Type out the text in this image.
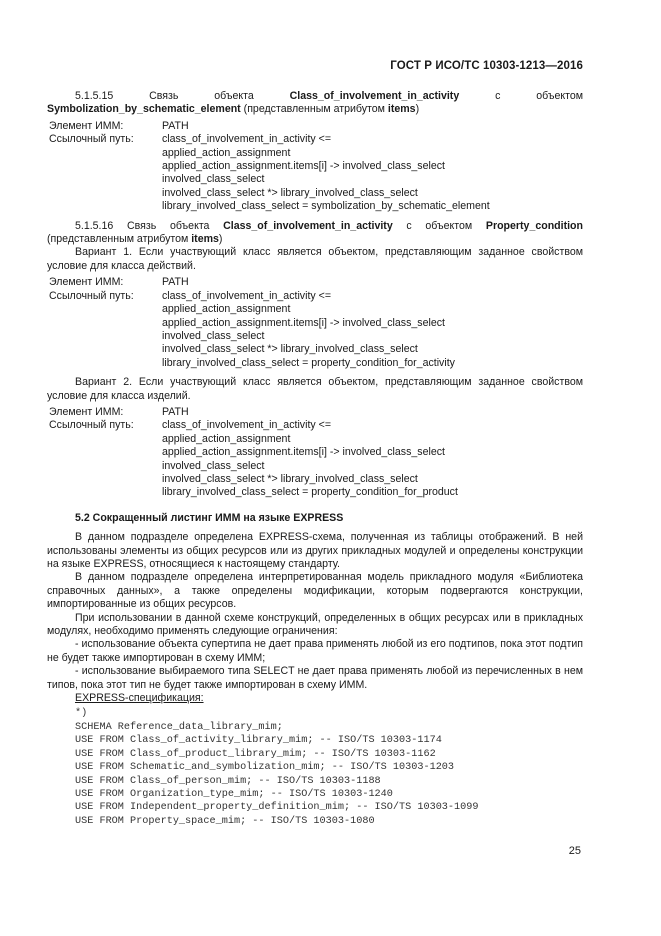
ГОСТ Р ИСО/ТС 10303-1213—2016

5.1.5.15 Связь объекта Class_of_involvement_in_activity с объектом Symbolization_by_schematic_element (представленным атрибутом items)

Элемент ИММ:	PATH
Ссылочный путь:	class_of_involvement_in_activity <=
applied_action_assignment
applied_action_assignment.items[i] -> involved_class_select
involved_class_select
involved_class_select *> library_involved_class_select
library_involved_class_select = symbolization_by_schematic_element

5.1.5.16 Связь объекта Class_of_involvement_in_activity с объектом Property_condition (представленным атрибутом items)

Вариант 1. Если участвующий класс является объектом, представляющим заданное свойством условие для класса действий.

Элемент ИММ:	PATH
Ссылочный путь:	class_of_involvement_in_activity <=
applied_action_assignment
applied_action_assignment.items[i] -> involved_class_select
involved_class_select
involved_class_select *> library_involved_class_select
library_involved_class_select = property_condition_for_activity

Вариант 2. Если участвующий класс является объектом, представляющим заданное свойством условие для класса изделий.

Элемент ИММ:	PATH
Ссылочный путь:	class_of_involvement_in_activity <=
applied_action_assignment
applied_action_assignment.items[i] -> involved_class_select
involved_class_select
involved_class_select *> library_involved_class_select
library_involved_class_select = property_condition_for_product

5.2 Сокращенный листинг ИММ на языке EXPRESS

В данном подразделе определена EXPRESS-схема, полученная из таблицы отображений. В ней использованы элементы из общих ресурсов или из других прикладных модулей и определены конструкции на языке EXPRESS, относящиеся к настоящему стандарту.

В данном подразделе определена интерпретированная модель прикладного модуля «Библиотека справочных данных», а также определены модификации, которым подвергаются конструкции, импортированные из общих ресурсов.

При использовании в данной схеме конструкций, определенных в общих ресурсах или в прикладных модулях, необходимо применять следующие ограничения:

- использование объекта супертипа не дает права применять любой из его подтипов, пока этот подтип не будет также импортирован в схему ИММ;

- использование выбираемого типа SELECT не дает права применять любой из перечисленных в нем типов, пока этот тип не будет также импортирован в схему ИММ.

EXPRESS-спецификация:

*)
SCHEMA Reference_data_library_mim;
USE FROM Class_of_activity_library_mim; -- ISO/TS 10303-1174
USE FROM Class_of_product_library_mim; -- ISO/TS 10303-1162
USE FROM Schematic_and_symbolization_mim; -- ISO/TS 10303-1203
USE FROM Class_of_person_mim; -- ISO/TS 10303-1188
USE FROM Organization_type_mim; -- ISO/TS 10303-1240
USE FROM Independent_property_definition_mim; -- ISO/TS 10303-1099
USE FROM Property_space_mim; -- ISO/TS 10303-1080
25
